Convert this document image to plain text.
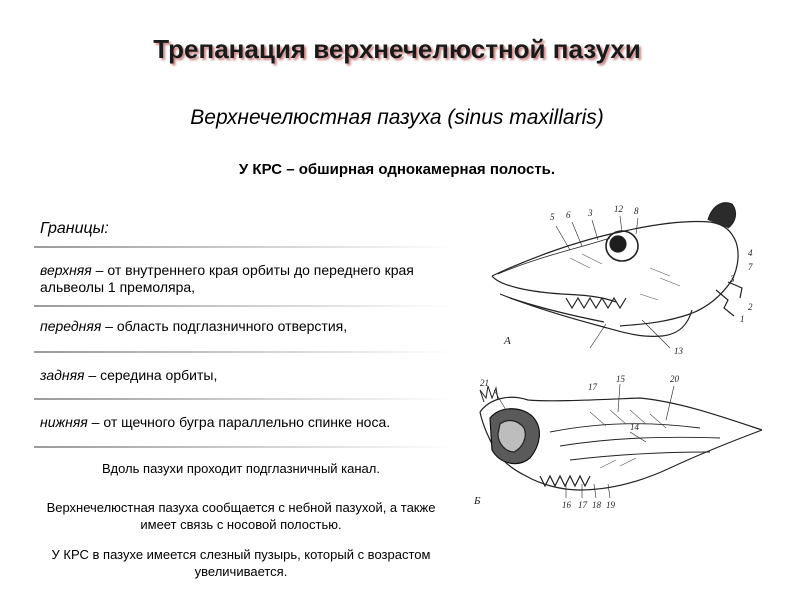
Трепанация верхнечелюстной пазухи
Верхнечелюстная пазуха (sinus maxillaris)
У КРС – обширная однокамерная полость.
Границы:
верхняя – от внутреннего края орбиты до переднего края альвеолы 1 премоляра,
передняя – область подглазничного отверстия,
задняя – середина орбиты,
нижняя – от щечного бугра параллельно спинке носа.
Вдоль пазухи проходит подглазничный канал.
Верхнечелюстная пазуха сообщается с небной пазухой, а также имеет связь с носовой полостью.
У КРС в пазухе имеется слезный пузырь, который с возрастом увеличивается.
5 6 3 12 8
4
7
2
1
3
13
А
21	17
15	20
14
16 17 18 19
Б
